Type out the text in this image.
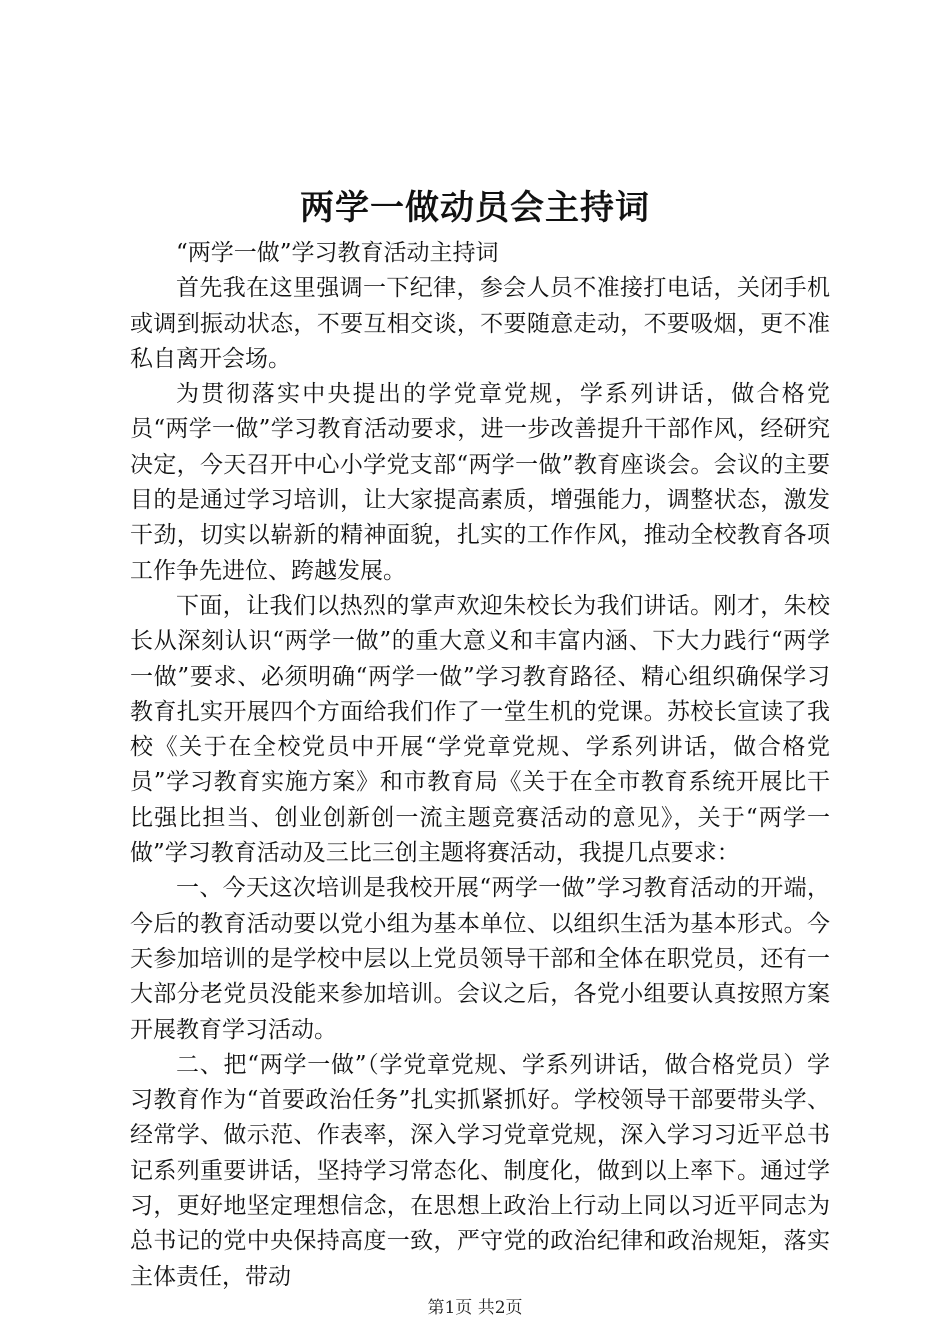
两学一做动员会主持词

“两学一做”学习教育活动主持词

首先我在这里强调一下纪律，参会人员不准接打电话，关闭手机或调到振动状态，不要互相交谈，不要随意走动，不要吸烟，更不准私自离开会场。

为贯彻落实中央提出的学党章党规，学系列讲话，做合格党员“两学一做”学习教育活动要求，进一步改善提升干部作风，经研究决定，今天召开中心小学党支部“两学一做”教育座谈会。会议的主要目的是通过学习培训，让大家提高素质，增强能力，调整状态，激发干劲，切实以崭新的精神面貌，扎实的工作作风，推动全校教育各项工作争先进位、跨越发展。

下面，让我们以热烈的掌声欢迎朱校长为我们讲话。刚才，朱校长从深刻认识“两学一做”的重大意义和丰富内涵、下大力践行“两学一做”要求、必须明确“两学一做”学习教育路径、精心组织确保学习教育扎实开展四个方面给我们作了一堂生机的党课。苏校长宣读了我校《关于在全校党员中开展“学党章党规、学系列讲话，做合格党员”学习教育实施方案》和市教育局《关于在全市教育系统开展比干比强比担当、创业创新创一流主题竞赛活动的意见》，关于“两学一做”学习教育活动及三比三创主题将赛活动，我提几点要求：

一、今天这次培训是我校开展“两学一做”学习教育活动的开端，今后的教育活动要以党小组为基本单位、以组织生活为基本形式。今天参加培训的是学校中层以上党员领导干部和全体在职党员，还有一大部分老党员没能来参加培训。会议之后，各党小组要认真按照方案开展教育学习活动。

二、把“两学一做”（学党章党规、学系列讲话，做合格党员）学习教育作为“首要政治任务”扎实抓紧抓好。学校领导干部要带头学、经常学、做示范、作表率，深入学习党章党规，深入学习习近平总书记系列重要讲话，坚持学习常态化、制度化，做到以上率下。通过学习，更好地坚定理想信念，在思想上政治上行动上同以习近平同志为总书记的党中央保持高度一致，严守党的政治纪律和政治规矩，落实主体责任，带动

第1页 共2页
